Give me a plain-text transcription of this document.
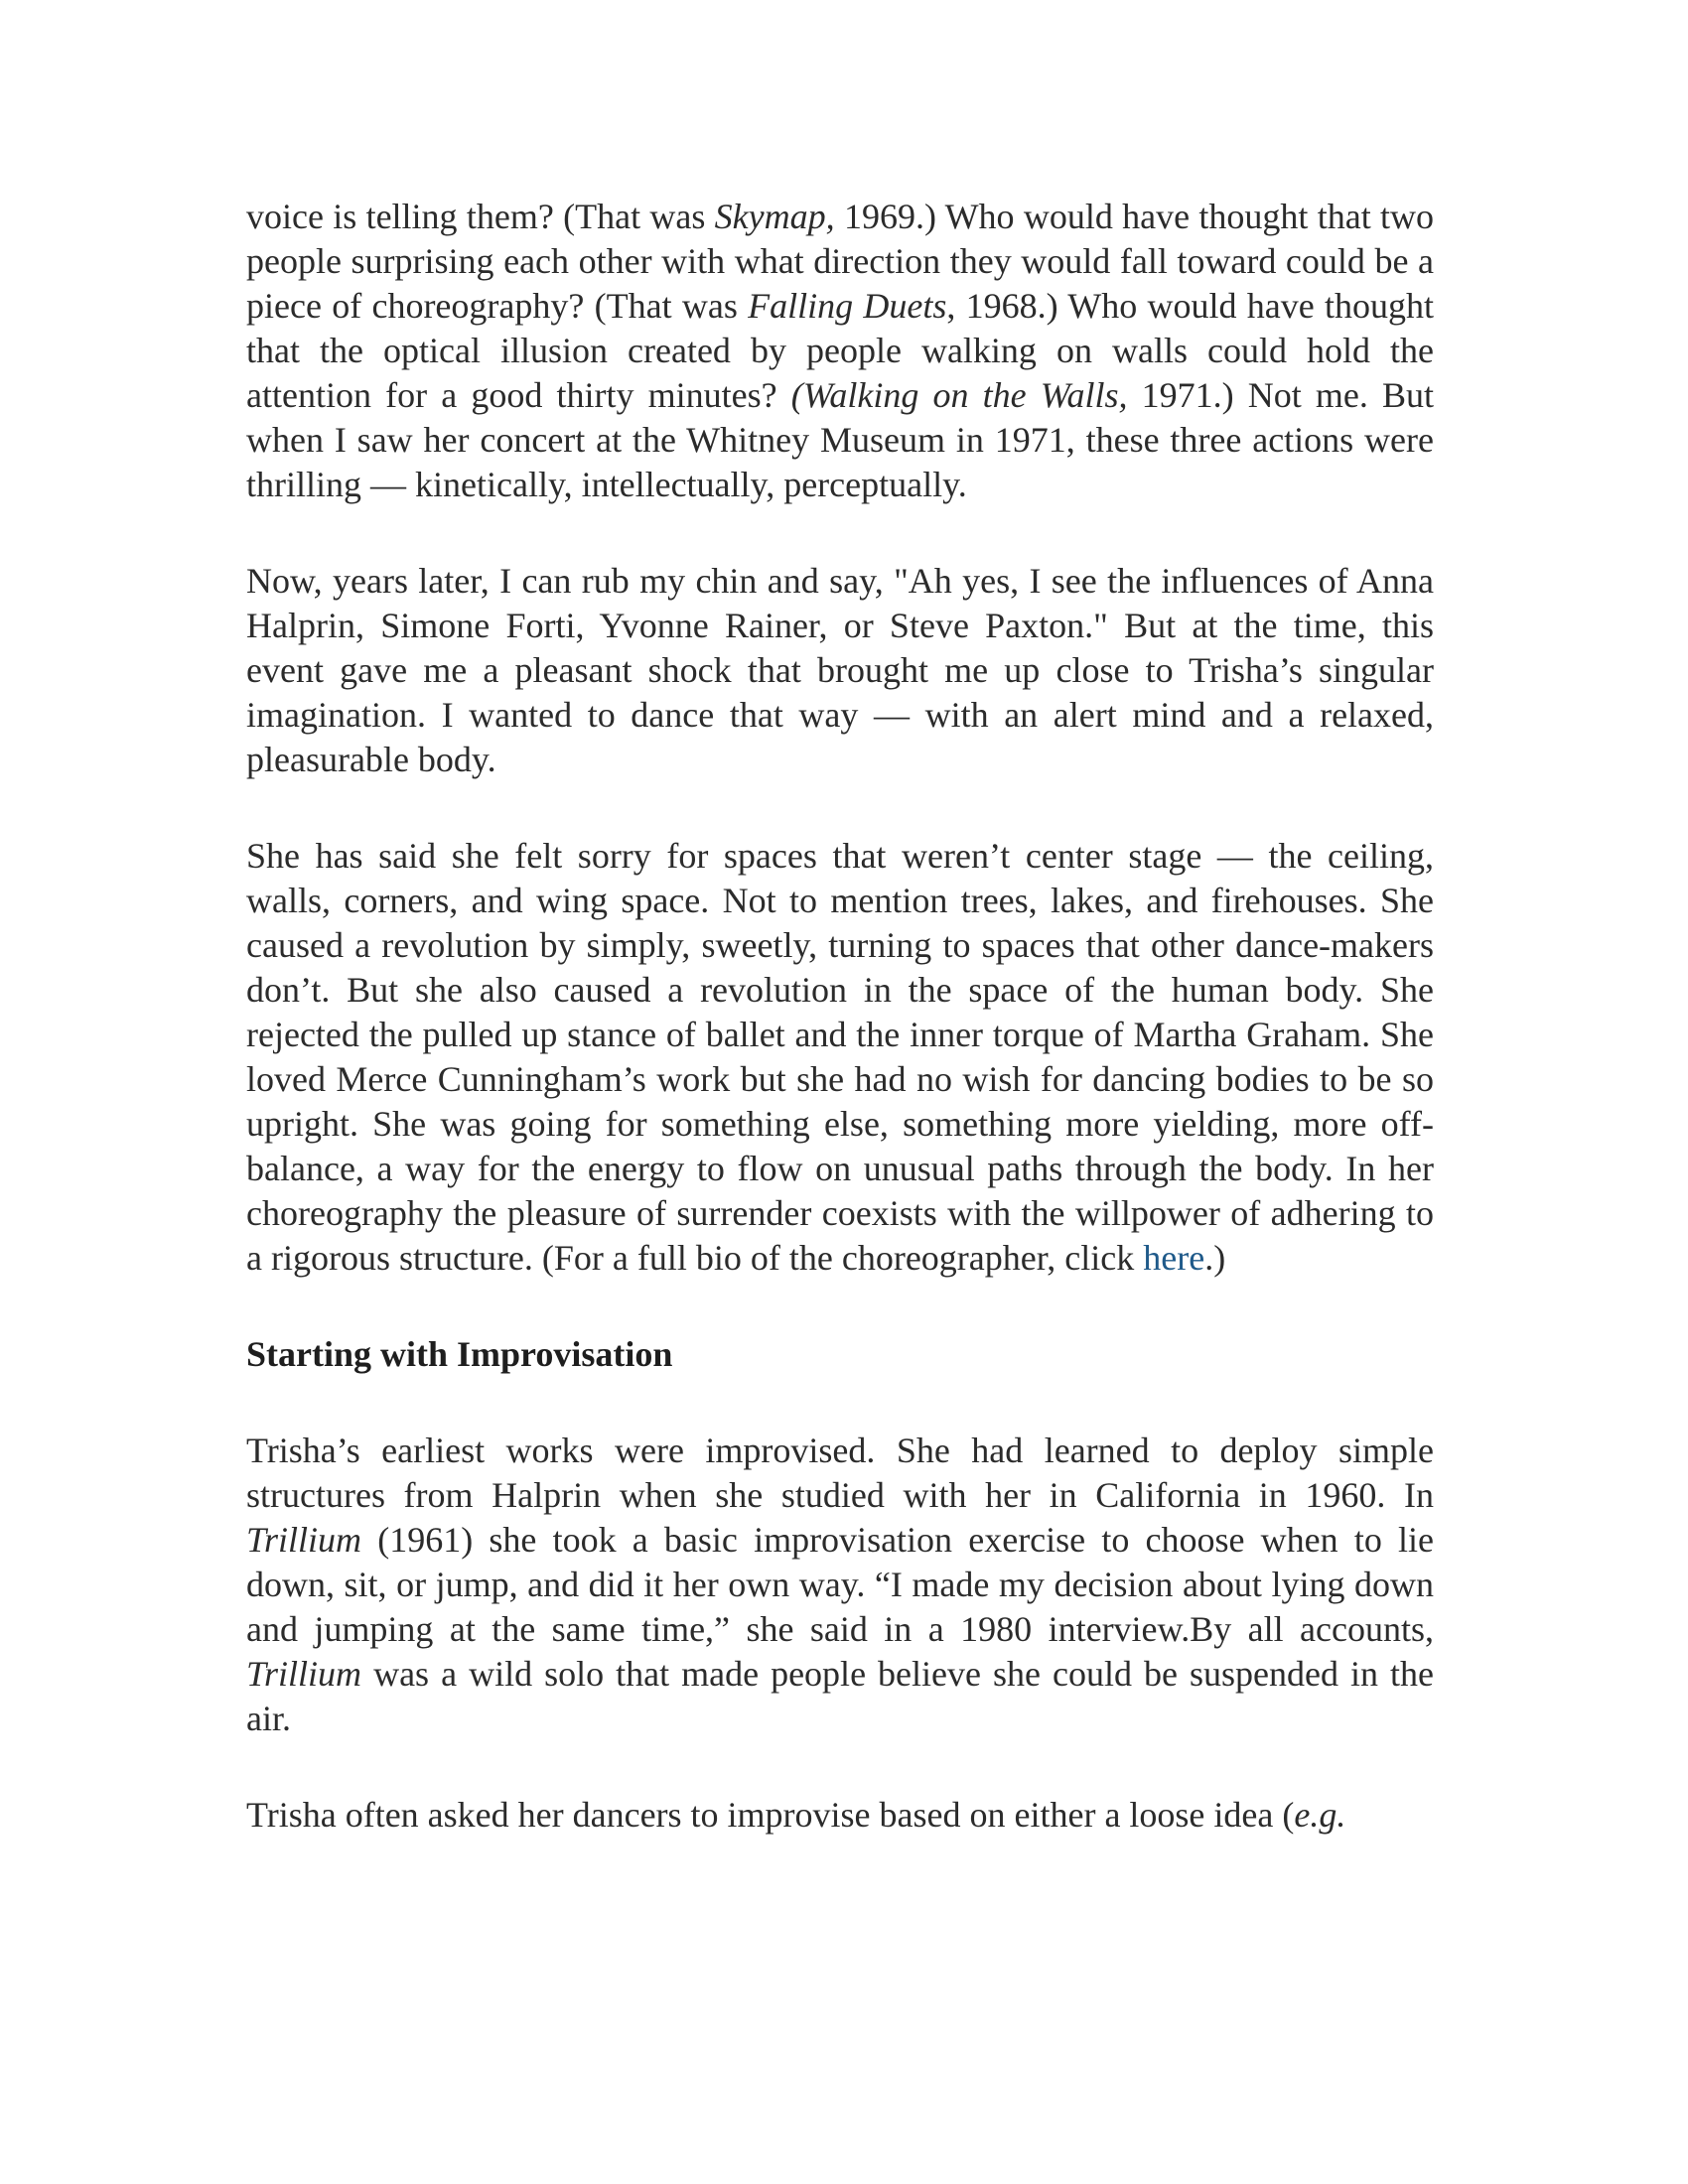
voice is telling them? (That was Skymap, 1969.) Who would have thought that two people surprising each other with what direction they would fall toward could be a piece of choreography? (That was Falling Duets, 1968.) Who would have thought that the optical illusion created by people walking on walls could hold the attention for a good thirty minutes? (Walking on the Walls, 1971.) Not me. But when I saw her concert at the Whitney Museum in 1971, these three actions were thrilling — kinetically, intellectually, perceptually.

Now, years later, I can rub my chin and say, "Ah yes, I see the influences of Anna Halprin, Simone Forti, Yvonne Rainer, or Steve Paxton." But at the time, this event gave me a pleasant shock that brought me up close to Trisha’s singular imagination. I wanted to dance that way — with an alert mind and a relaxed, pleasurable body.

She has said she felt sorry for spaces that weren’t center stage — the ceiling, walls, corners, and wing space. Not to mention trees, lakes, and firehouses. She caused a revolution by simply, sweetly, turning to spaces that other dance-makers don’t. But she also caused a revolution in the space of the human body. She rejected the pulled up stance of ballet and the inner torque of Martha Graham. She loved Merce Cunningham’s work but she had no wish for dancing bodies to be so upright. She was going for something else, something more yielding, more off-balance, a way for the energy to flow on unusual paths through the body. In her choreography the pleasure of surrender coexists with the willpower of adhering to a rigorous structure. (For a full bio of the choreographer, click here.)

Starting with Improvisation

Trisha’s earliest works were improvised. She had learned to deploy simple structures from Halprin when she studied with her in California in 1960. In Trillium (1961) she took a basic improvisation exercise to choose when to lie down, sit, or jump, and did it her own way. “I made my decision about lying down and jumping at the same time,” she said in a 1980 interview.By all accounts, Trillium was a wild solo that made people believe she could be suspended in the air.

Trisha often asked her dancers to improvise based on either a loose idea (e.g.
